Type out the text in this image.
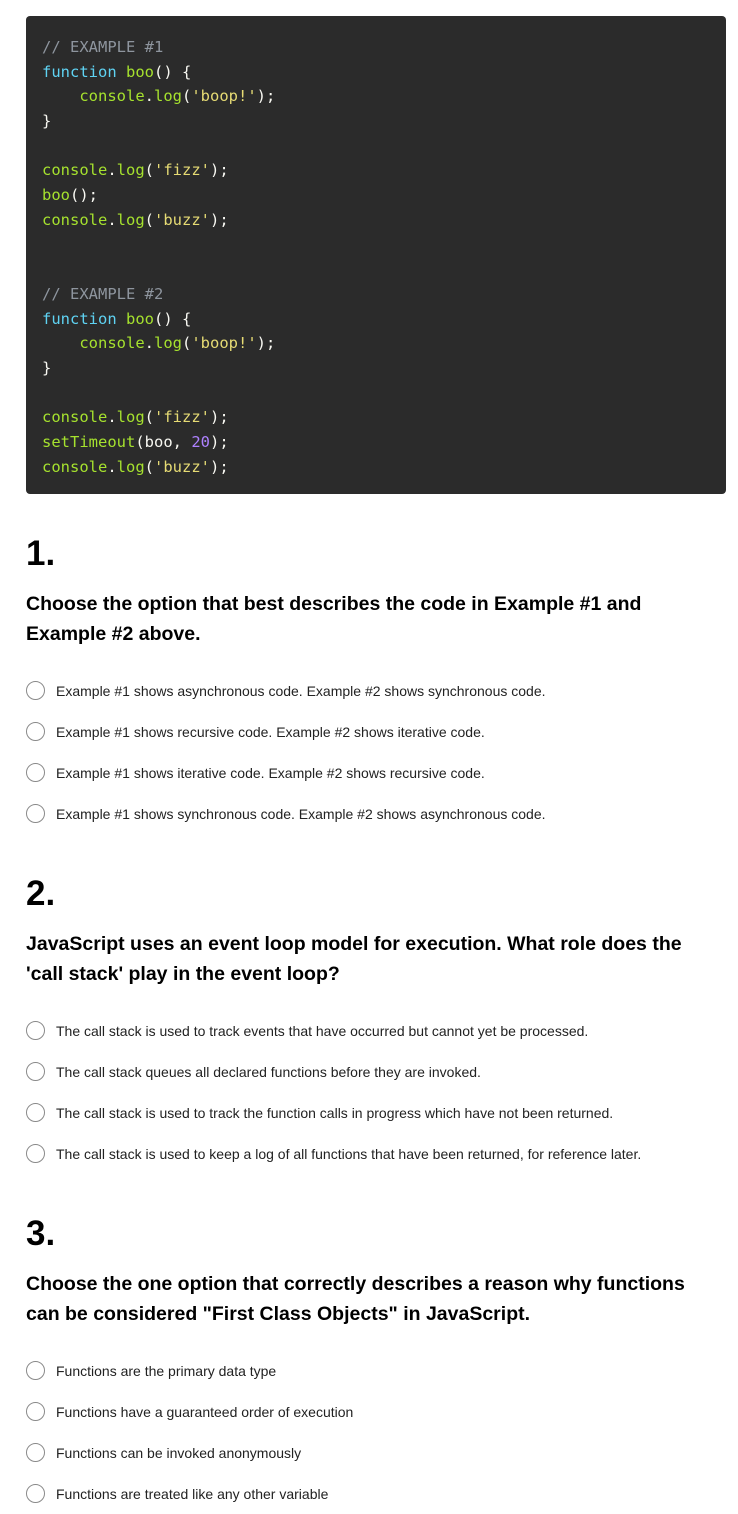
// EXAMPLE #1
function boo() {
console.log('boop!');
}

console.log('fizz');
boo();
console.log('buzz');

// EXAMPLE #2
function boo() {
console.log('boop!');
}

console.log('fizz');
setTimeout(boo, 20);
console.log('buzz');
1.

Choose the option that best describes the code in Example #1 and Example #2 above.

Example #1 shows asynchronous code. Example #2 shows synchronous code.
Example #1 shows recursive code. Example #2 shows iterative code.
Example #1 shows iterative code. Example #2 shows recursive code.
Example #1 shows synchronous code. Example #2 shows asynchronous code.
2.

JavaScript uses an event loop model for execution. What role does the 'call stack' play in the event loop?

The call stack is used to track events that have occurred but cannot yet be processed.
The call stack queues all declared functions before they are invoked.
The call stack is used to track the function calls in progress which have not been returned.
The call stack is used to keep a log of all functions that have been returned, for reference later.
3.

Choose the one option that correctly describes a reason why functions can be considered "First Class Objects" in JavaScript.

Functions are the primary data type
Functions have a guaranteed order of execution
Functions can be invoked anonymously
Functions are treated like any other variable
